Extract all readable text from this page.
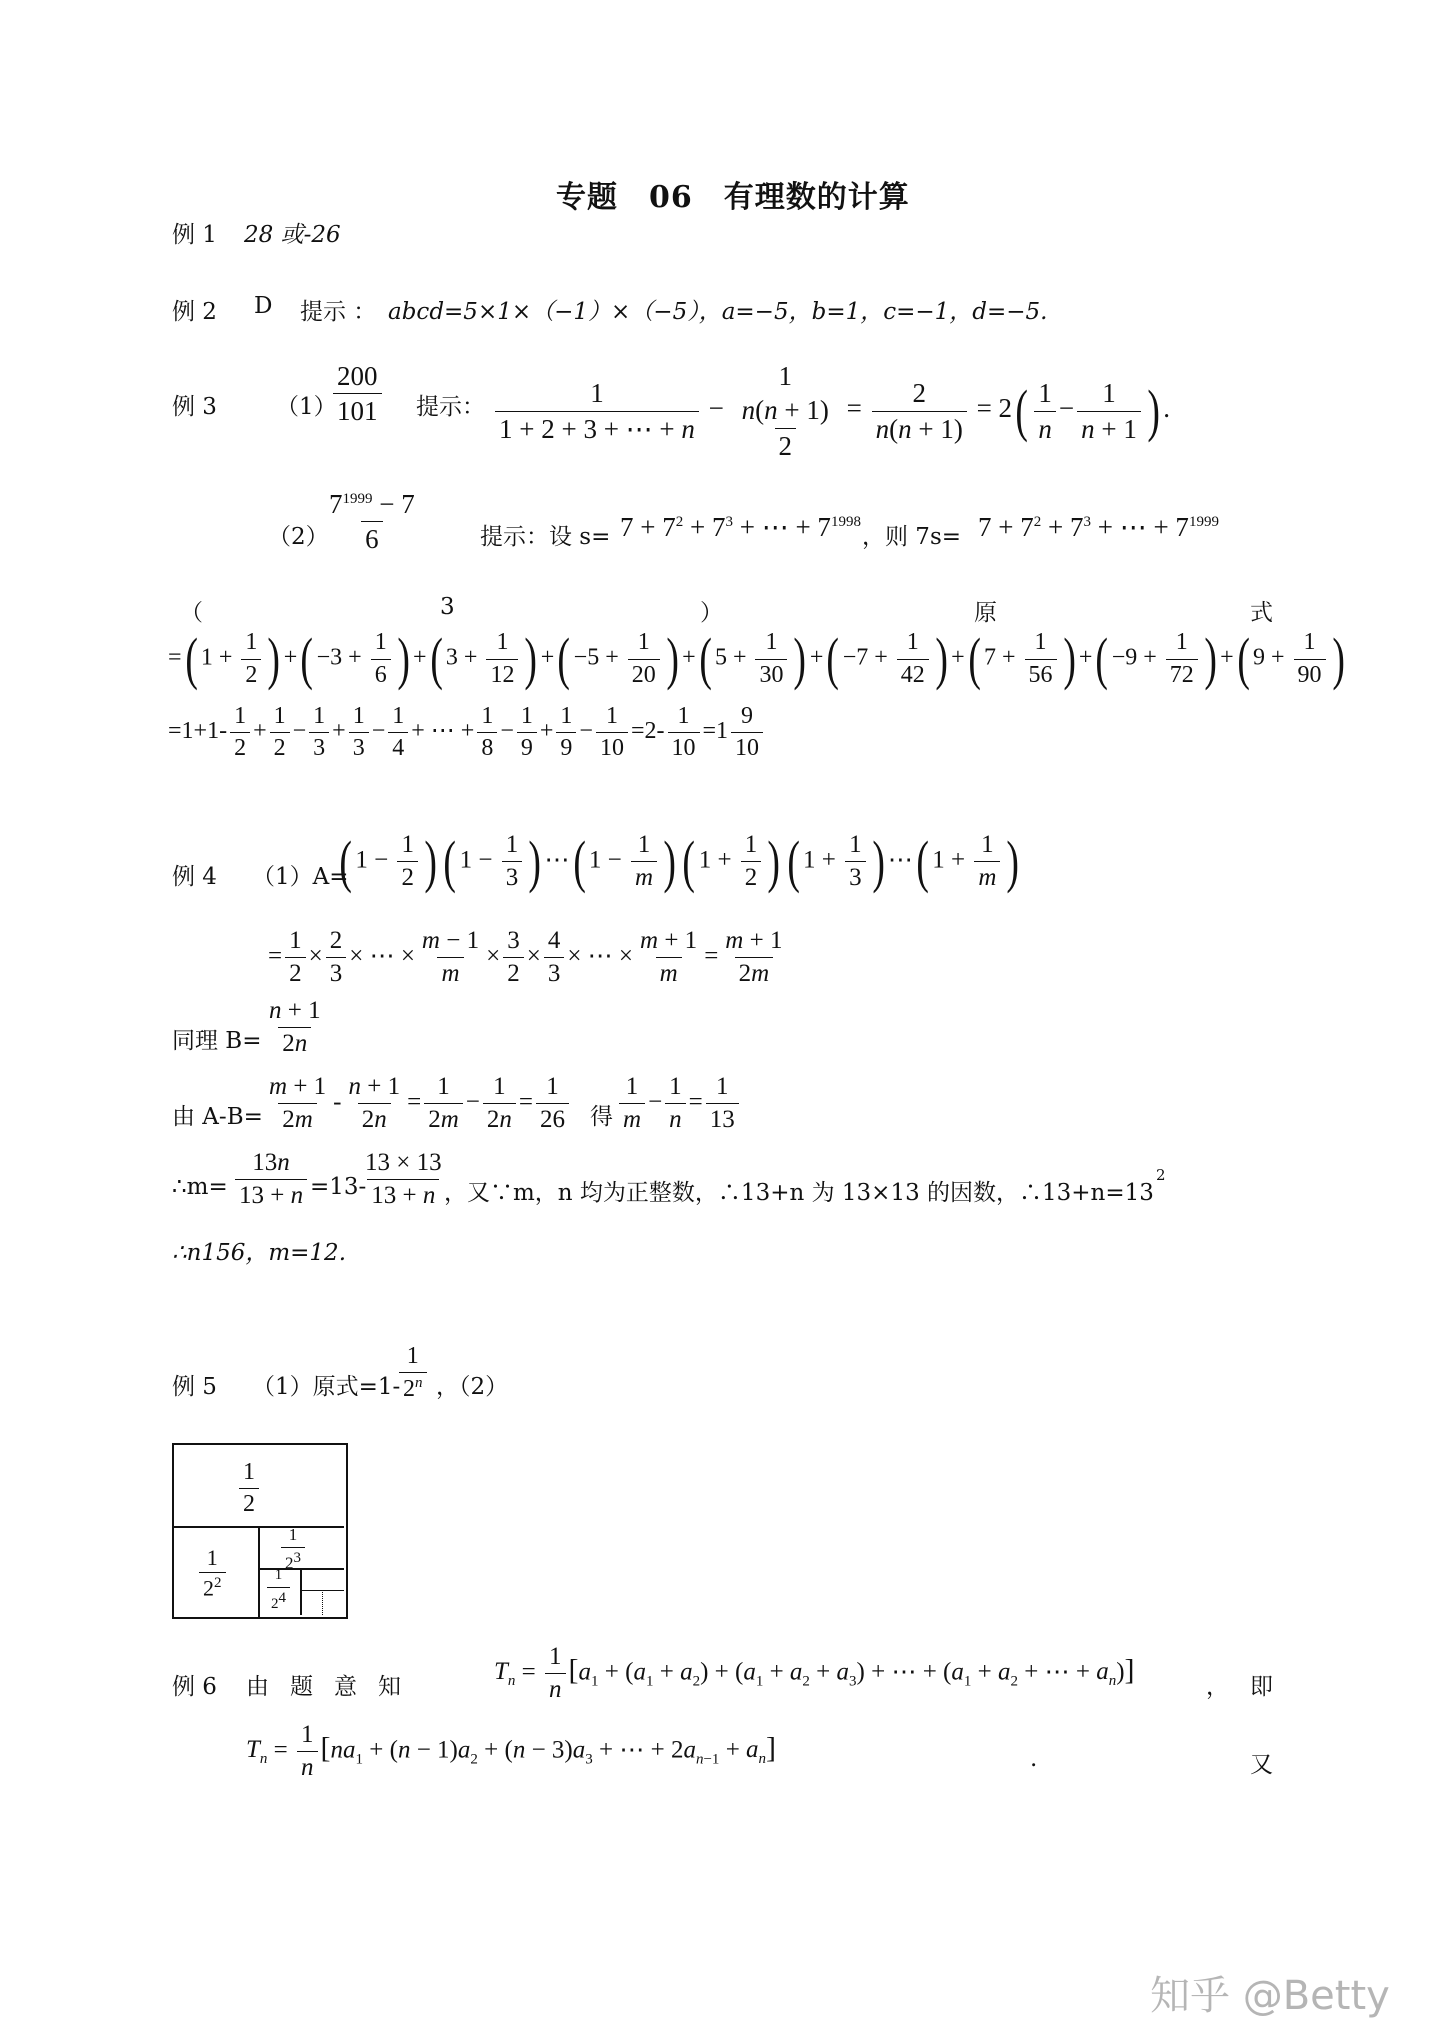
专题　06　有理数的计算
例 1 28 或-26
例 2 D 提示 ： abcd=5×1×（−1）×（−5），a=−5，b=1，c=−1，d=−5.
例 3	（1）
$\frac{200}{101}$ 提示： $\frac{1}{1 + 2 + 3 + \cdots + n}$ −
1
$\frac{n(n + 1)}{2} = \frac{2}{n(n + 1)} = 2( \frac{1}{n} - \frac{1}{n + 1}$ ) .
（2）
$\frac{7^{1999} - 7}{6}$	提示：设 $s= 7 + 7^2 + 7^3$ + ⋯ + $7^{1998}$
，则 $7s= 7 + 7^2 + 7^3$ + ⋯ + $7^{1999}$
（	3	）	原	式
=( $1 + \frac{1}{2}$ ) +( $-3 + \frac{1}{6}$ ) +( $3 + \frac{1}{12}$ ) +( $-5 + \frac{1}{20}$ ) +( $5 + \frac{1}{30}$ ) +( $-7 + \frac{1}{42}$ ) +( $7 + \frac{1}{56}$ ) +( $-9 + \frac{1}{72}$ ) +( $9 + \frac{1}{90}$ )
$=1+1- \frac{1}{2} + \frac{1}{2} - \frac{1}{3} + \frac{1}{3} - \frac{1}{4}$ + ⋯ + $\frac{1}{8} - \frac{1}{9} + \frac{1}{9} - \frac{1}{10} =2- \frac{1}{10} =1 \frac{9}{10}$
例 4 （1）A=
( $1 - \frac{1}{2}$ ) ( $1 - \frac{1}{3}$ ) ⋯( $1 - \frac{1}{m}$ ) ( $1 + \frac{1}{2}$ ) ( $1 + \frac{1}{3}$ ) ⋯( $1 + \frac{1}{m}$ )
= $\frac{1}{2} \times \frac{2}{3}$ × ⋯ × $\frac{m - 1}{m} \times \frac{3}{2} \times \frac{4}{3}$ × ⋯ × $\frac{m + 1}{m} = \frac{m + 1}{2m}$
同理 $B= \frac{n + 1}{2n}$
由 $A-B= \frac{m + 1}{2m} - \frac{n + 1}{2n} = \frac{1}{2m} - \frac{1}{2n} = \frac{1}{26}$ 得 $\frac{1}{m} - \frac{1}{n} = \frac{1}{13}$
∴m= $\frac{13n}{13 + n} =13-$
$\frac{13 \times 13}{13 + n}$
，又∵m，n 均为正整数，∴13+n 为 13×13 的因数，∴13+n=13
2
∴n156，m=12.
例 5 （1）原式=1-
$\frac{1}{2^n}$ ，（2）
$\frac{1}{2}$
$\frac{1}{2^2}$	$\frac{1}{2^3}$
$\frac{1}{2^4}$
例 6 由 题 意 知
$T_n = \frac{1}{n} [a_1 + (a_1 + a_2) + (a_1 + a_2 + a_3)$ + ⋯ + ($a_1 + a_2$ + ⋯ + $a_n$)]
， 即
$T_n = \frac{1}{n} [na_1 + (n - 1)a_2 + (n - 3)a_3$ + ⋯ + $2a_{n-1} + a_n$]	.	又
知乎 @Betty
